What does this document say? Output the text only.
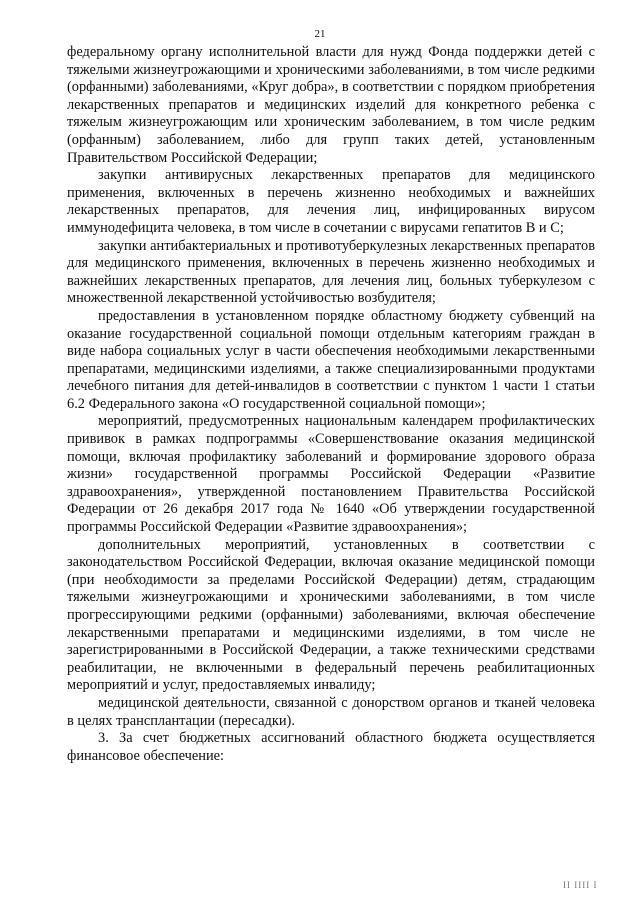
21

федеральному органу исполнительной власти для нужд Фонда поддержки детей с тяжелыми жизнеугрожающими и хроническими заболеваниями, в том числе редкими (орфанными) заболеваниями, «Круг добра», в соответствии с порядком приобретения лекарственных препаратов и медицинских изделий для конкретного ребенка с тяжелым жизнеугрожающим или хроническим заболеванием, в том числе редким (орфанным) заболеванием, либо для групп таких детей, установленным Правительством Российской Федерации;

закупки антивирусных лекарственных препаратов для медицинского применения, включенных в перечень жизненно необходимых и важнейших лекарственных препаратов, для лечения лиц, инфицированных вирусом иммунодефицита человека, в том числе в сочетании с вирусами гепатитов В и С;

закупки антибактериальных и противотуберкулезных лекарственных препаратов для медицинского применения, включенных в перечень жизненно необходимых и важнейших лекарственных препаратов, для лечения лиц, больных туберкулезом с множественной лекарственной устойчивостью возбудителя;

предоставления в установленном порядке областному бюджету субвенций на оказание государственной социальной помощи отдельным категориям граждан в виде набора социальных услуг в части обеспечения необходимыми лекарственными препаратами, медицинскими изделиями, а также специализированными продуктами лечебного питания для детей-инвалидов в соответствии с пунктом 1 части 1 статьи 6.2 Федерального закона «О государственной социальной помощи»;

мероприятий, предусмотренных национальным календарем профилактических прививок в рамках подпрограммы «Совершенствование оказания медицинской помощи, включая профилактику заболеваний и формирование здорового образа жизни» государственной программы Российской Федерации «Развитие здравоохранения», утвержденной постановлением Правительства Российской Федерации от 26 декабря 2017 года № 1640 «Об утверждении государственной программы Российской Федерации «Развитие здравоохранения»;

дополнительных мероприятий, установленных в соответствии с законодательством Российской Федерации, включая оказание медицинской помощи (при необходимости за пределами Российской Федерации) детям, страдающим тяжелыми жизнеугрожающими и хроническими заболеваниями, в том числе прогрессирующими редкими (орфанными) заболеваниями, включая обеспечение лекарственными препаратами и медицинскими изделиями, в том числе не зарегистрированными в Российской Федерации, а также техническими средствами реабилитации, не включенными в федеральный перечень реабилитационных мероприятий и услуг, предоставляемых инвалиду;

медицинской деятельности, связанной с донорством органов и тканей человека в целях трансплантации (пересадки).

3. За счет бюджетных ассигнований областного бюджета осуществляется финансовое обеспечение:

II IIII I
